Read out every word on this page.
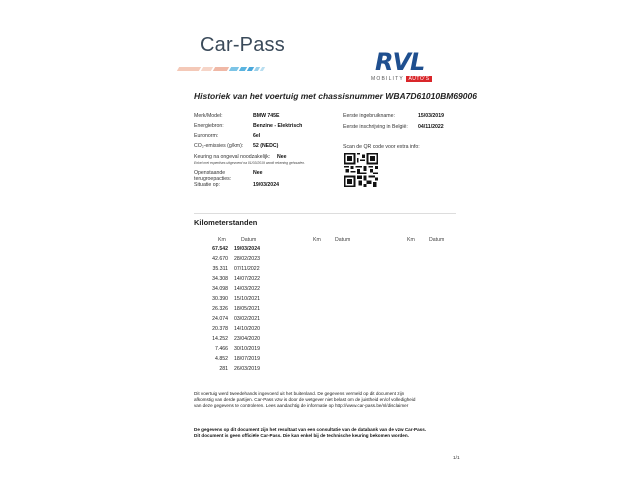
Car-Pass
RVL
MOBILITY AUTO'S
Historiek van het voertuig met chassisnummer WBA7D61010BM69006
Merk/Model:	BMW 745E
Energiebron:	Benzine - Elektrisch
Euronorm:	6el
CO₂-emissies (g/km): 52 (NEDC)
Keuring na ongeval noodzakelijk: Nee
Enkel met expertises uitgevoerd na 01/03/2019 wordt rekening gehouden.
Openstaande terugroepacties:
Nee
Situatie op:	19/03/2024
Eerste ingebruikname:	15/03/2019
Eerste inschrijving in België: 04/11/2022
Scan de QR code voor extra info:
Kilometerstanden
Km	Datum	Km	Datum	Km	Datum
67.542 19/03/2024
42.670 28/02/2023
35.311 07/11/2022
34.308 14/07/2022
34.098 14/03/2022
30.390 15/10/2021
26.326 18/05/2021
24.074 03/02/2021
20.378 14/10/2020
14.252 23/04/2020
7.466 30/10/2019
4.852 18/07/2019
281 26/03/2019
Dit voertuig werd tweedehands ingevoerd uit het buitenland. De gegevens vermeld op dit document zijn
afkomstig van derde partijen. Car-Pass vzw is door de wetgever niet belast om de juistheid en/of volledigheid
van deze gegevens te controleren. Lees aandachtig de informatie op http://www.car-pass.be/nl/disclaimer
De gegevens op dit document zijn het resultaat van een consultatie van de databank van de vzw Car-Pass.
Dit document is geen officiële Car-Pass. Die kan enkel bij de technische keuring bekomen worden.
1/1
